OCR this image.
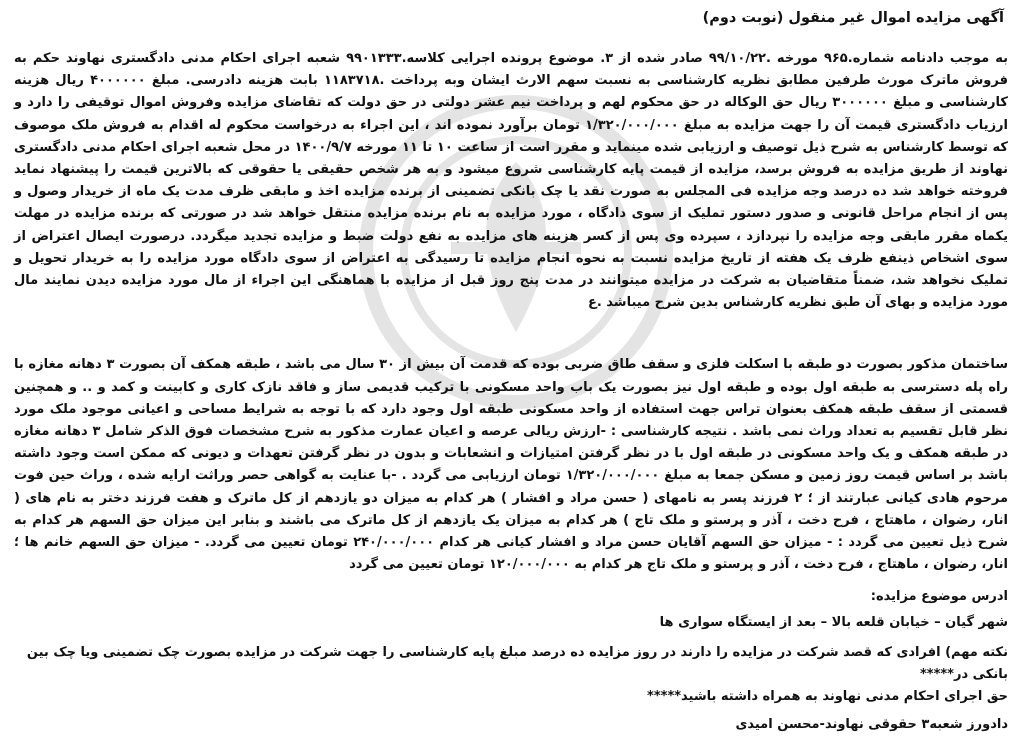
آگهی مزایده اموال غیر منقول (نوبت دوم)

به موجب دادنامه شماره.۹۶۵ مورخه .۹۹/۱۰/۲۲ صادر شده از ۳. موضوع پرونده اجرایی کلاسه.۹۹۰۱۳۳۳ شعبه اجرای احکام مدنی دادگستری نهاوند حکم به فروش ماترک مورث طرفین مطابق نظریه کارشناسی به نسبت سهم الارث ایشان وبه پرداخت .۱۱۸۳۷۱۸ بابت هزینه دادرسی. مبلغ ۴۰۰۰۰۰۰ ریال هزینه کارشناسی و مبلغ ۳۰۰۰۰۰۰ ریال حق الوکاله در حق محکوم لهم و پرداخت نیم عشر دولتی در حق دولت که تقاضای مزایده وفروش اموال توقیفی را دارد و ارزیاب دادگستری قیمت آن را جهت مزایده به مبلغ ۱/۳۲۰/۰۰۰/۰۰۰ تومان برآورد نموده اند ، این اجراء به درخواست محکوم له اقدام به فروش ملک موصوف که توسط کارشناس به شرح ذیل توصیف و ارزیابی شده مینماید و مقرر است از ساعت ۱۰ تا ۱۱ مورخه ۱۴۰۰/۹/۷ در محل شعبه اجرای احکام مدنی دادگستری نهاوند از طریق مزایده به فروش برسد، مزایده از قیمت پایه کارشناسی شروع میشود و به هر شخص حقیقی یا حقوقی که بالاترین قیمت را پیشنهاد نماید فروخته خواهد شد ده درصد وجه مزایده فی المجلس به صورت نقد یا چک بانکی تضمینی از برنده مزایده اخذ و مابقی ظرف مدت یک ماه از خریدار وصول و پس از انجام مراحل قانونی و صدور دستور تملیک از سوی دادگاه ، مورد مزایده به نام برنده مزایده منتقل خواهد شد در صورتی که برنده مزایده در مهلت یکماه مقرر مابقی وجه مزایده را نپردازد ، سپرده وی پس از کسر هزینه های مزایده به نفع دولت ضبط و مزایده تجدید میگردد. درصورت ایصال اعتراض از سوی اشخاص ذینفع ظرف یک هفته از تاریخ مزایده نسبت به نحوه انجام مزایده تا رسیدگی به اعتراض از سوی دادگاه مورد مزایده را به خریدار تحویل و تملیک نخواهد شد، ضمناً متقاضیان به شرکت در مزایده میتوانند در مدت پنج روز قبل از مزایده با هماهنگی این اجراء از مال مورد مزایده دیدن نمایند مال مورد مزایده و بهای آن طبق نظریه کارشناس بدین شرح میباشد .ع

ساختمان مذکور بصورت دو طبقه با اسکلت فلزی و سقف طاق ضربی بوده که قدمت آن بیش از ۳۰ سال می باشد ، طبقه همکف آن بصورت ۳ دهانه مغازه با راه پله دسترسی به طبقه اول بوده و طبقه اول نیز بصورت یک باب واحد مسکونی با ترکیب قدیمی ساز و فاقد نازک کاری و کابینت و کمد و .. و همچنین قسمتی از سقف طبقه همکف بعنوان تراس جهت استفاده از واحد مسکونی طبقه اول وجود دارد که با توجه به شرایط مساحی و اعیانی موجود ملک مورد نظر قابل تقسیم به تعداد وراث نمی باشد . نتیجه کارشناسی : -ارزش ریالی عرصه و اعیان عمارت مذکور به شرح مشخصات فوق الذکر شامل ۳ دهانه مغازه در طبقه همکف و یک واحد مسکونی در طبقه اول با در نظر گرفتن امتیازات و انشعابات و بدون در نظر گرفتن تعهدات و دیونی که ممکن است وجود داشته باشد بر اساس قیمت روز زمین و مسکن جمعا به مبلغ ۱/۳۲۰/۰۰۰/۰۰۰ تومان ارزیابی می گردد . -با عنایت به گواهی حصر وراثت ارایه شده ، وراث حین فوت مرحوم هادی کیانی عبارتند از ؛ ۲ فرزند پسر به نامهای ( حسن مراد و افشار ) هر کدام به میزان دو یازدهم از کل ماترک و هفت فرزند دختر به نام های ( انار، رضوان ، ماهتاج ، فرح دخت ، آذر و پرستو و ملک تاج ) هر کدام به میزان یک یازدهم از کل ماترک می باشند و بنابر این میزان حق السهم هر کدام به شرح ذیل تعیین می گردد : - میزان حق السهم آقایان حسن مراد و افشار کیانی هر کدام ۲۴۰/۰۰۰/۰۰۰ تومان تعیین می گردد. - میزان حق السهم خانم ها ؛ انار، رضوان ، ماهتاج ، فرح دخت ، آذر و پرستو و ملک تاج هر کدام به ۱۲۰/۰۰۰/۰۰۰ تومان تعیین می گردد

ادرس موضوع مزایده:
شهر گیان – خیابان قلعه بالا – بعد از ایستگاه سواری ها
نکته مهم) افرادی که قصد شرکت در مزایده را دارند در روز مزایده ده درصد مبلغ پایه کارشناسی را جهت شرکت در مزایده بصورت چک تضمینی ویا چک بین بانکی در*****
حق اجرای احکام مدنی نهاوند به همراه داشته باشید*****
دادورز شعبه۳ حقوقی نهاوند-محسن امیدی
